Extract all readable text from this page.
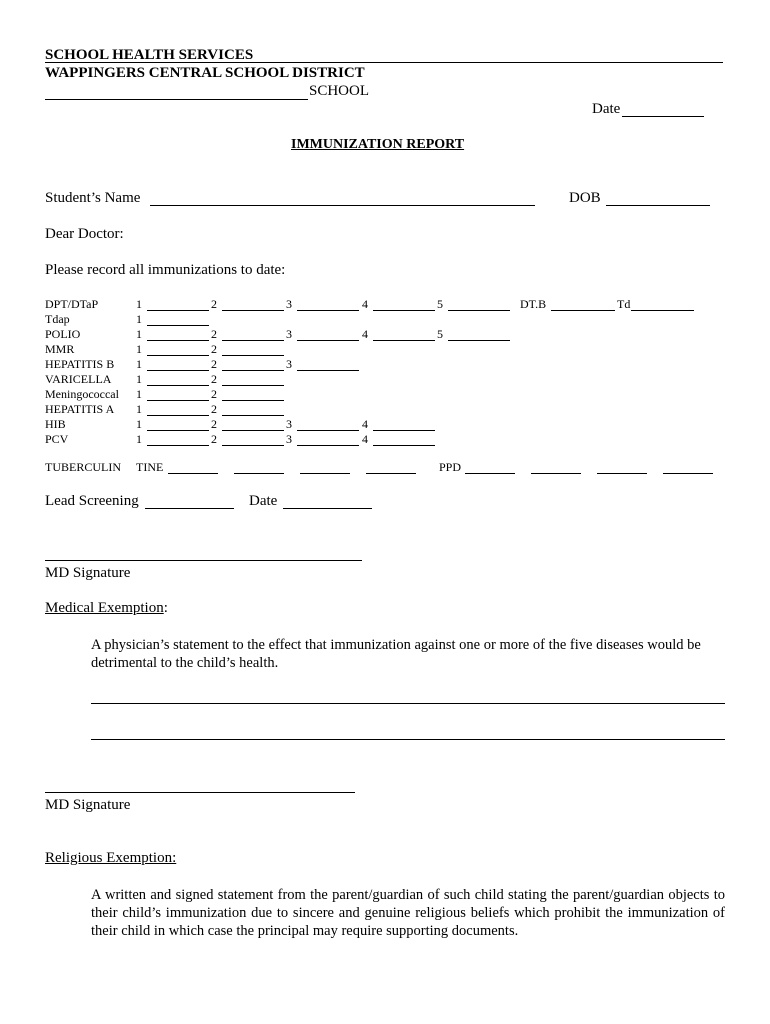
SCHOOL HEALTH SERVICES
WAPPINGERS CENTRAL SCHOOL DISTRICT
SCHOOL
Date
IMMUNIZATION REPORT
Student’s Name	DOB
Dear Doctor:
Please record all immunizations to date:
DPT/DTaP	1	2	3	4	5	DT.B	Td
Tdap	1
POLIO	1	2	3	4	5
MMR	1	2
HEPATITIS B 1	2	3
VARICELLA 1	2
Meningococcal 1	2
HEPATITIS A 1	2
HIB	1	2	3	4
PCV	1	2	3	4
TUBERCULIN TINE	PPD
Lead Screening	Date
MD Signature
Medical Exemption:
A physician’s statement to the effect that immunization against one or more of the five diseases would be detrimental to the child’s health.
MD Signature
Religious Exemption:
A written and signed statement from the parent/guardian of such child stating the parent/guardian objects to their child’s immunization due to sincere and genuine religious beliefs which prohibit the immunization of their child in which case the principal may require supporting documents.
